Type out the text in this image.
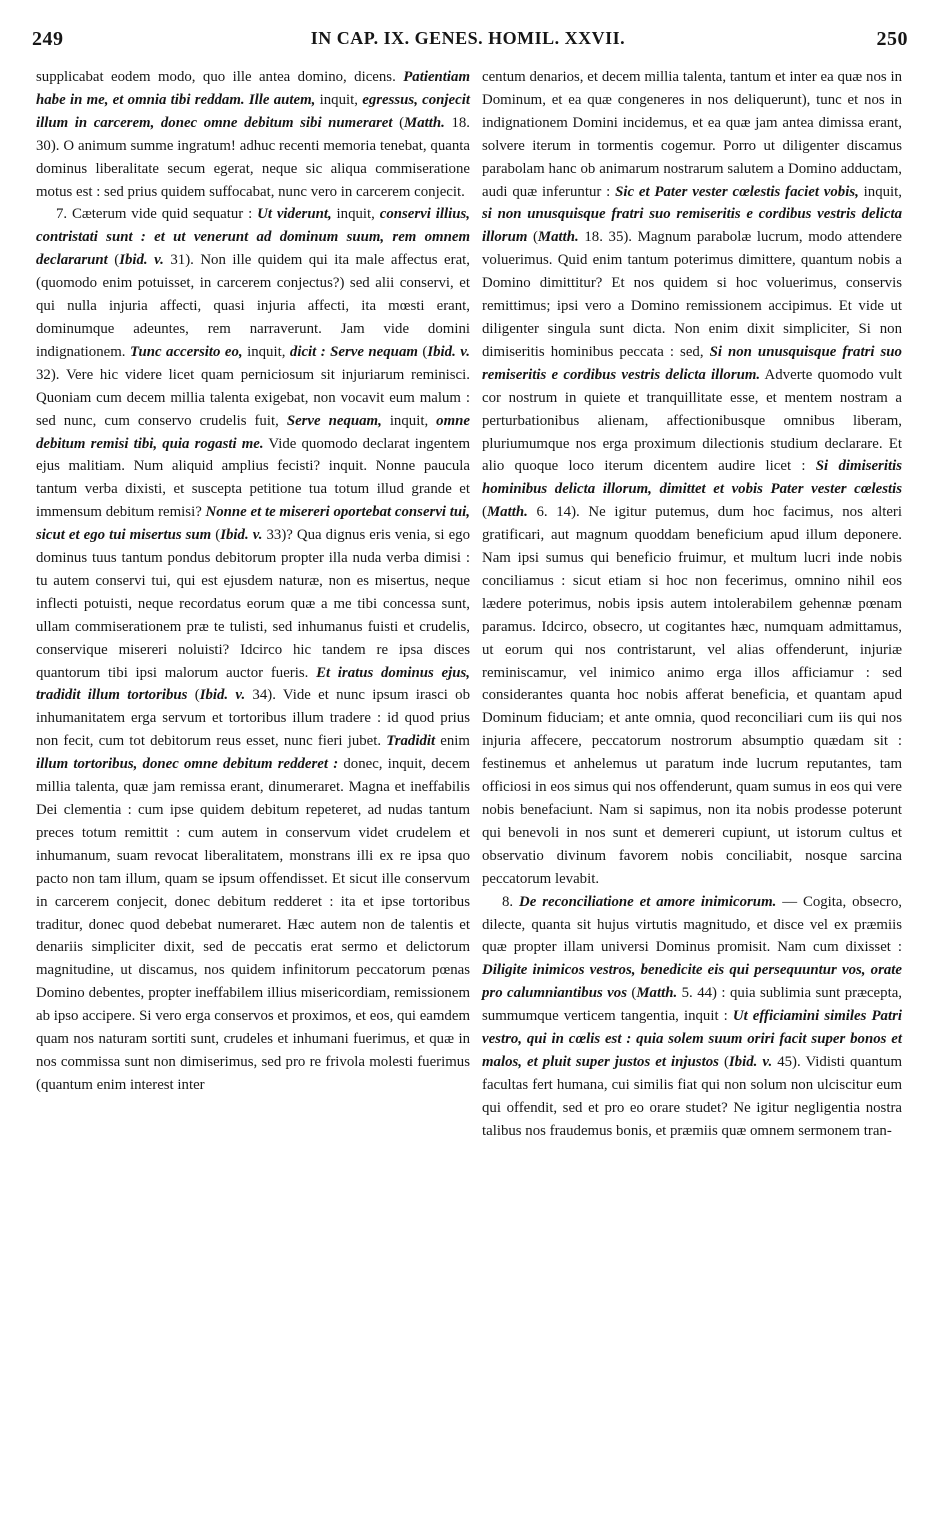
249	IN CAP. IX. GENES. HOMIL. XXVII.	250

supplicabat eodem modo, quo ille antea domino, dicens. Patientiam habe in me, et omnia tibi reddam. Ille autem, inquit, egressus, conjecit illum in carcerem, donec omne debitum sibi numeraret (Matth. 18. 30). O animum summe ingratum! adhuc recenti memoria tenebat, quanta dominus liberalitate secum egerat, neque sic aliqua commiseratione motus est : sed prius quidem suffocabat, nunc vero in carcerem conjecit.

7. Cæterum vide quid sequatur : Ut viderunt, inquit, conservi illius, contristati sunt : et ut venerunt ad dominum suum, rem omnem declararunt (Ibid. v. 31). Non ille quidem qui ita male affectus erat, (quomodo enim potuisset, in carcerem conjectus?) sed alii conservi, et qui nulla injuria affecti, quasi injuria affecti, ita mœsti erant, dominumque adeuntes, rem narraverunt. Jam vide domini indignationem. Tunc accersito eo, inquit, dicit : Serve nequam (Ibid. v. 32). Vere hic videre licet quam perniciosum sit injuriarum reminisci. Quoniam cum decem millia talenta exigebat, non vocavit eum malum : sed nunc, cum conservo crudelis fuit, Serve nequam, inquit, omne debitum remisi tibi, quia rogasti me. Vide quomodo declarat ingentem ejus malitiam. Num aliquid amplius fecisti? inquit. Nonne paucula tantum verba dixisti, et suscepta petitione tua totum illud grande et immensum debitum remisi? Nonne et te misereri oportebat conservi tui, sicut et ego tui misertus sum (Ibid. v. 33)? Qua dignus eris venia, si ego dominus tuus tantum pondus debitorum propter illa nuda verba dimisi : tu autem conservi tui, qui est ejusdem naturæ, non es misertus, neque inflecti potuisti, neque recordatus eorum quæ a me tibi concessa sunt, ullam commiserationem præ te tulisti, sed inhumanus fuisti et crudelis, conservique misereri noluisti? Idcirco hic tandem re ipsa disces quantorum tibi ipsi malorum auctor fueris. Et iratus dominus ejus, tradidit illum tortoribus (Ibid. v. 34). Vide et nunc ipsum irasci ob inhumanitatem erga servum et tortoribus illum tradere : id quod prius non fecit, cum tot debitorum reus esset, nunc fieri jubet. Tradidit enim illum tortoribus, donec omne debitum redderet : donec, inquit, decem millia talenta, quæ jam remissa erant, dinumeraret. Magna et ineffabilis Dei clementia : cum ipse quidem debitum repeteret, ad nudas tantum preces totum remittit : cum autem in conservum videt crudelem et inhumanum, suam revocat liberalitatem, monstrans illi ex re ipsa quo pacto non tam illum, quam se ipsum offendisset. Et sicut ille conservum in carcerem conjecit, donec debitum redderet : ita et ipse tortoribus traditur, donec quod debebat numeraret. Hæc autem non de talentis et denariis simpliciter dixit, sed de peccatis erat sermo et delictorum magnitudine, ut discamus, nos quidem infinitorum peccatorum pœnas Domino debentes, propter ineffabilem illius misericordiam, remissionem ab ipso accipere. Si vero erga conservos et proximos, et eos, qui eamdem quam nos naturam sortiti sunt, crudeles et inhumani fuerimus, et quæ in nos commissa sunt non dimiserimus, sed pro re frivola molesti fuerimus (quantum enim interest inter

centum denarios, et decem millia talenta, tantum et inter ea quæ nos in Dominum, et ea quæ congeneres in nos deliquerunt), tunc et nos in indignationem Domini incidemus, et ea quæ jam antea dimissa erant, solvere iterum in tormentis cogemur. Porro ut diligenter discamus parabolam hanc ob animarum nostrarum salutem a Domino adductam, audi quæ inferuntur : Sic et Pater vester cœlestis faciet vobis, inquit, si non unusquisque fratri suo remiseritis e cordibus vestris delicta illorum (Matth. 18. 35). Magnum parabolæ lucrum, modo attendere voluerimus. Quid enim tantum poterimus dimittere, quantum nobis a Domino dimittitur? Et nos quidem si hoc voluerimus, conservis remittimus; ipsi vero a Domino remissionem accipimus. Et vide ut diligenter singula sunt dicta. Non enim dixit simpliciter, Si non dimiseritis hominibus peccata : sed, Si non unusquisque fratri suo remiseritis e cordibus vestris delicta illorum. Adverte quomodo vult cor nostrum in quiete et tranquillitate esse, et mentem nostram a perturbationibus alienam, affectionibusque omnibus liberam, pluriumumque nos erga proximum dilectionis studium declarare. Et alio quoque loco iterum dicentem audire licet : Si dimiseritis hominibus delicta illorum, dimittet et vobis Pater vester cœlestis (Matth. 6. 14). Ne igitur putemus, dum hoc facimus, nos alteri gratificari, aut magnum quoddam beneficium apud illum deponere. Nam ipsi sumus qui beneficio fruimur, et multum lucri inde nobis conciliamus : sicut etiam si hoc non fecerimus, omnino nihil eos lædere poterimus, nobis ipsis autem intolerabilem gehennæ pœnam paramus. Idcirco, obsecro, ut cogitantes hæc, numquam admittamus, ut eorum qui nos contristarunt, vel alias offenderunt, injuriæ reminiscamur, vel inimico animo erga illos afficiamur : sed considerantes quanta hoc nobis afferat beneficia, et quantam apud Dominum fiduciam; et ante omnia, quod reconciliari cum iis qui nos injuria affecere, peccatorum nostrorum absumptio quædam sit : festinemus et anhelemus ut paratum inde lucrum reputantes, tam officiosi in eos simus qui nos offenderunt, quam sumus in eos qui vere nobis benefaciunt. Nam si sapimus, non ita nobis prodesse poterunt qui benevoli in nos sunt et demereri cupiunt, ut istorum cultus et observatio divinum favorem nobis conciliabit, nosque sarcina peccatorum levabit.

8. De reconciliatione et amore inimicorum. — Cogita, obsecro, dilecte, quanta sit hujus virtutis magnitudo, et disce vel ex præmiis quæ propter illam universi Dominus promisit. Nam cum dixisset : Diligite inimicos vestros, benedicite eis qui persequuntur vos, orate pro calumniantibus vos (Matth. 5. 44) : quia sublimia sunt præcepta, summumque verticem tangentia, inquit : Ut efficiamini similes Patri vestro, qui in cœlis est : quia solem suum oriri facit super bonos et malos, et pluit super justos et injustos (Ibid. v. 45). Vidisti quantum facultas fert humana, cui similis fiat qui non solum non ulciscitur eum qui offendit, sed et pro eo orare studet? Ne igitur negligentia nostra talibus nos fraudemus bonis, et præmiis quæ omnem sermonem tran-
